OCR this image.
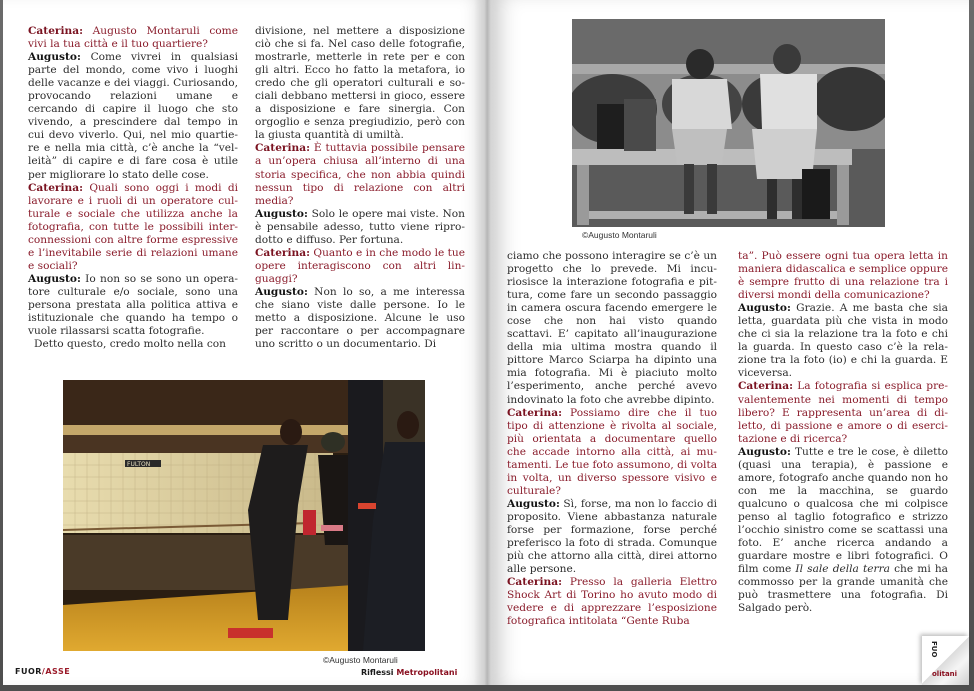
Caterina: Augusto Montaruli come vivi la tua città e il tuo quartiere?

Augusto: Come vivrei in qualsiasi parte del mondo, come vivo i luoghi delle vacanze e dei viaggi. Curiosando, provocando relazioni umane e cercando di capire il luogo che sto vivendo, a prescindere dal tempo in cui devo viverlo. Qui, nel mio quartiere e nella mia città, c’è anche la “velleità” di capire e di fare cosa è utile per migliorare lo stato delle cose.

Caterina: Quali sono oggi i modi di lavorare e i ruoli di un operatore culturale e sociale che utilizza anche la fotografia, con tutte le possibili interconnessioni con altre forme espressive e l’inevitabile serie di relazioni umane e sociali?

Augusto: Io non so se sono un operatore culturale e/o sociale, sono una persona prestata alla politica attiva e istituzionale che quando ha tempo o vuole rilassarsi scatta fotografie.

Detto questo, credo molto nella con

divisione, nel mettere a disposizione ciò che si fa. Nel caso delle fotografie, mostrarle, metterle in rete per e con gli altri. Ecco ho fatto la metafora, io credo che gli operatori culturali e sociali debbano mettersi in gioco, essere a disposizione e fare sinergia. Con orgoglio e senza pregiudizio, però con la giusta quantità di umiltà.

Caterina: È tuttavia possibile pensare a un’opera chiusa all’interno di una storia specifica, che non abbia quindi nessun tipo di relazione con altri media?

Augusto: Solo le opere mai viste. Non è pensabile adesso, tutto viene riprodotto e diffuso. Per fortuna.

Caterina: Quanto e in che modo le tue opere interagiscono con altri linguaggi?

Augusto: Non lo so, a me interessa che siano viste dalle persone. Io le metto a disposizione. Alcune le uso per raccontare o per accompagnare uno scritto o un documentario. Di

FULTON
©Augusto Montaruli
FUOR/ASSE	Riflessi Metropolitani
©Augusto Montaruli

ciamo che possono interagire se c’è un progetto che lo prevede. Mi incuriosisce la interazione fotografia e pittura, come fare un secondo passaggio in camera oscura facendo emergere le cose che non hai visto quando scattavi. E’ capitato all’inaugurazione della mia ultima mostra quando il pittore Marco Sciarpa ha dipinto una mia fotografia. Mi è piaciuto molto l’esperimento, anche perché avevo indovinato la foto che avrebbe dipinto.

Caterina: Possiamo dire che il tuo tipo di attenzione è rivolta al sociale, più orientata a documentare quello che accade intorno alla città, ai mutamenti. Le tue foto assumono, di volta in volta, un diverso spessore visivo e culturale?

Augusto: Sì, forse, ma non lo faccio di proposito. Viene abbastanza naturale forse per formazione, forse perché preferisco la foto di strada. Comunque più che attorno alla città, direi attorno alle persone.

Caterina: Presso la galleria Elettro Shock Art di Torino ho avuto modo di vedere e di apprezzare l’esposizione fotografica intitolata “Gente Ruba

ta”. Può essere ogni tua opera letta in maniera didascalica e semplice oppure è sempre frutto di una relazione tra i diversi mondi della comunicazione?

Augusto: Grazie. A me basta che sia letta, guardata più che vista in modo che ci sia la relazione tra la foto e chi la guarda. In questo caso c’è la relazione tra la foto (io) e chi la guarda. E viceversa.

Caterina: La fotografia si esplica prevalentemente nei momenti di tempo libero? E rappresenta un’area di diletto, di passione e amore o di esercitazione e di ricerca?

Augusto: Tutte e tre le cose, è diletto (quasi una terapia), è passione e amore, fotografo anche quando non ho con me la macchina, se guardo qualcuno o qualcosa che mi colpisce penso al taglio fotografico e strizzo l’occhio sinistro come se scattassi una foto. E’ anche ricerca andando a guardare mostre e libri fotografici. O film come Il sale della terra che mi ha commosso per la grande umanità che può trasmettere una fotografia. Di Salgado però.

FUO
olitani
